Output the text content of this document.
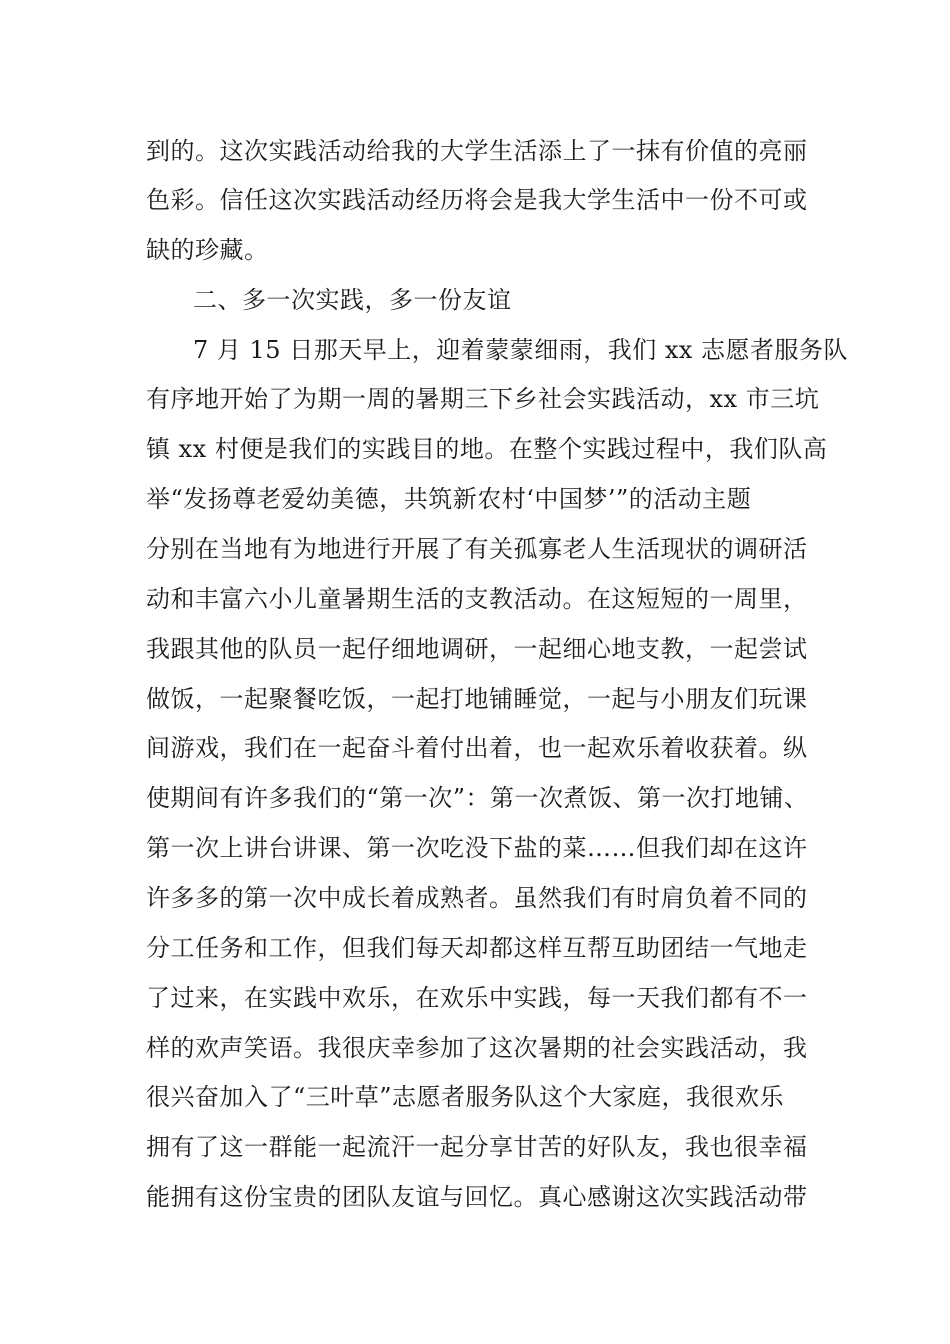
到的。这次实践活动给我的大学生活添上了一抹有价值的亮丽
色彩。信任这次实践活动经历将会是我大学生活中一份不可或
缺的珍藏。
二、多一次实践，多一份友谊
7 月 15 日那天早上，迎着蒙蒙细雨，我们 xx 志愿者服务队
有序地开始了为期一周的暑期三下乡社会实践活动，xx 市三坑
镇 xx 村便是我们的实践目的地。在整个实践过程中，我们队高
举“发扬尊老爱幼美德，共筑新农村‘中国梦’”的活动主题
分别在当地有为地进行开展了有关孤寡老人生活现状的调研活
动和丰富六小儿童暑期生活的支教活动。在这短短的一周里，
我跟其他的队员一起仔细地调研，一起细心地支教，一起尝试
做饭，一起聚餐吃饭，一起打地铺睡觉，一起与小朋友们玩课
间游戏，我们在一起奋斗着付出着，也一起欢乐着收获着。纵
使期间有许多我们的“第一次”：第一次煮饭、第一次打地铺、
第一次上讲台讲课、第一次吃没下盐的菜……但我们却在这许
许多多的第一次中成长着成熟者。虽然我们有时肩负着不同的
分工任务和工作，但我们每天却都这样互帮互助团结一气地走
了过来，在实践中欢乐，在欢乐中实践，每一天我们都有不一
样的欢声笑语。我很庆幸参加了这次暑期的社会实践活动，我
很兴奋加入了“三叶草”志愿者服务队这个大家庭，我很欢乐
拥有了这一群能一起流汗一起分享甘苦的好队友，我也很幸福
能拥有这份宝贵的团队友谊与回忆。真心感谢这次实践活动带
